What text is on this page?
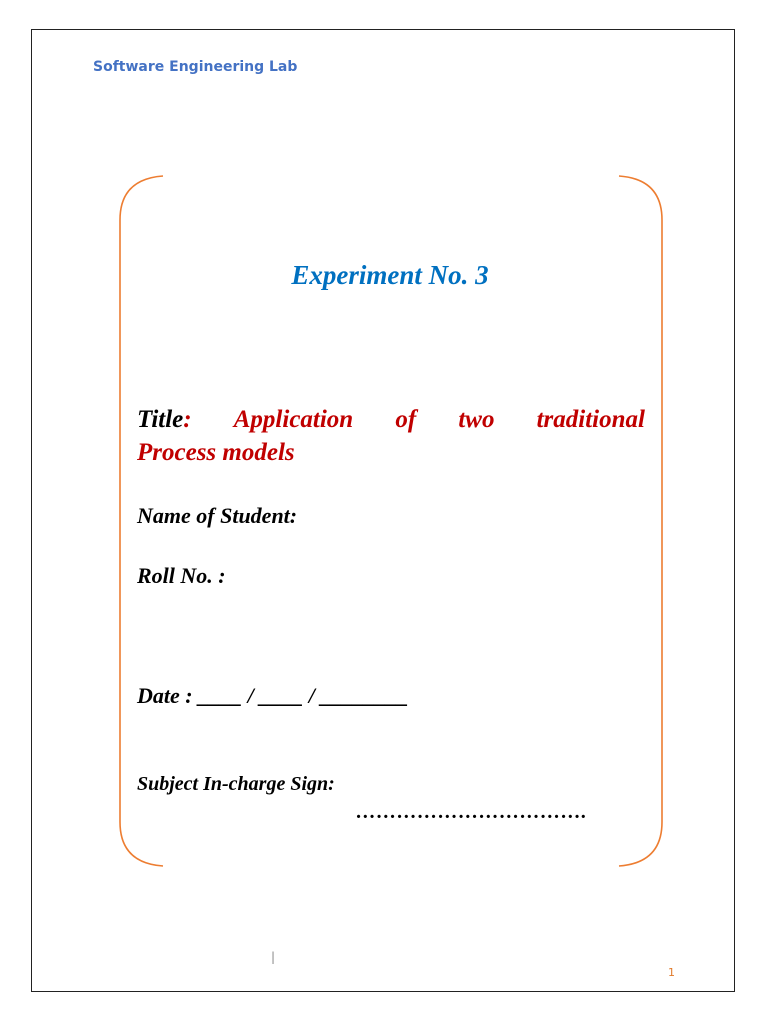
Software Engineering Lab
Experiment No. 3
Title: Application of two traditional
Process models
Name of Student:
Roll No. :
Date : ____ / ____ / ________
Subject In-charge Sign:
…………………………….
|
1
